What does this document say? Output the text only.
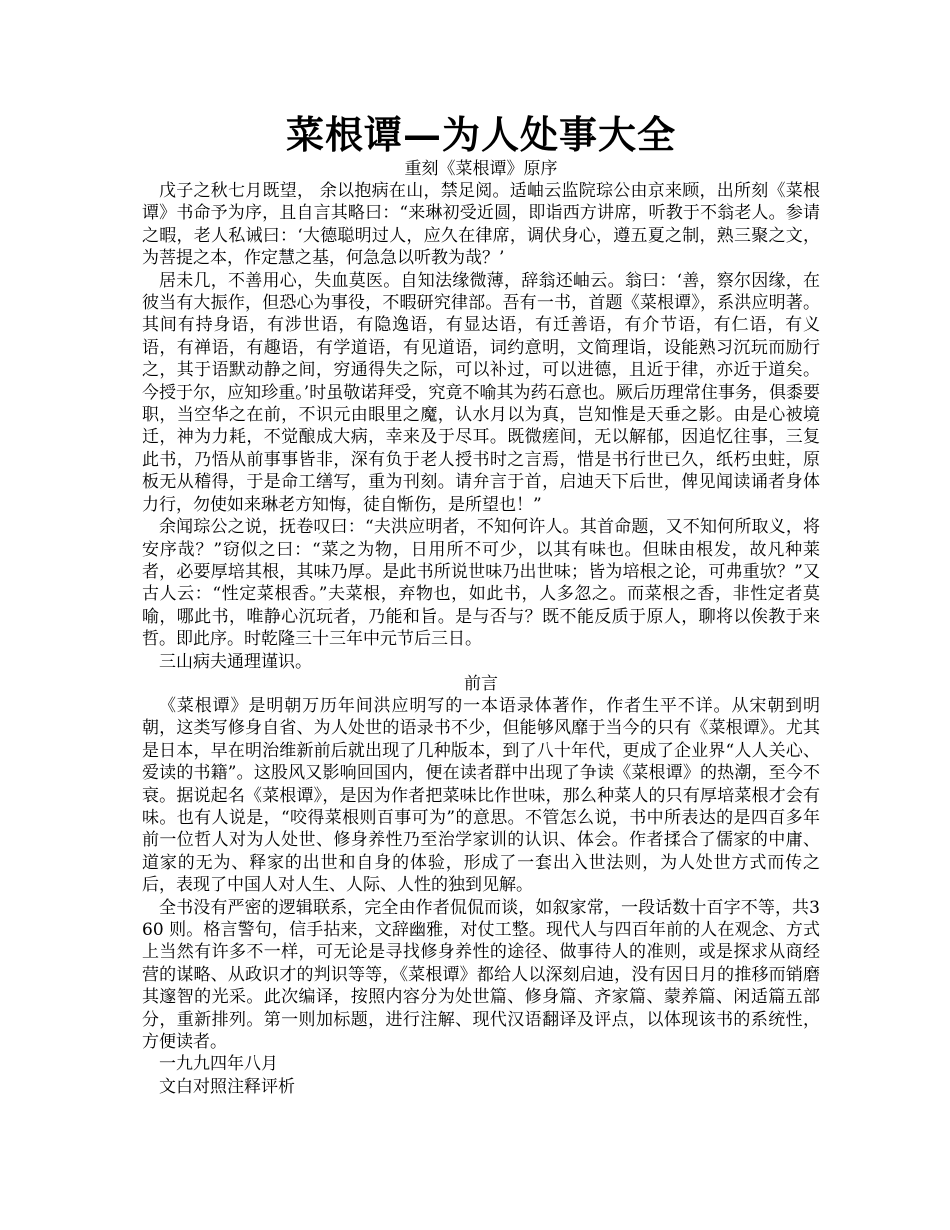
菜根谭—为人处事大全
重刻《菜根谭》原序

戊子之秋七月既望， 余以抱病在山，禁足阅。适岫云监院琮公由京来顾，出所刻《菜根谭》书命予为序，且自言其略曰：“来琳初受近圆，即诣西方讲席，听教于不翁老人。参请之暇，老人私诫曰：‘大德聪明过人，应久在律席，调伏身心，遵五夏之制，熟三聚之文，为菩提之本，作定慧之基，何急急以听教为哉？’

居未几，不善用心，失血莫医。自知法缘微薄，辞翁还岫云。翁曰：‘善，察尔因缘，在彼当有大振作，但恐心为事役，不暇研究律部。吾有一书，首题《菜根谭》，系洪应明著。其间有持身语，有涉世语，有隐逸语，有显达语，有迁善语，有介节语，有仁语，有义语，有禅语，有趣语，有学道语，有见道语，词约意明，文简理诣，设能熟习沉玩而励行之，其于语默动静之间，穷通得失之际，可以补过，可以进德，且近于律，亦近于道矣。今授于尔，应知珍重。’时虽敬诺拜受，究竟不喻其为药石意也。厥后历理常住事务，俱黍要职，当空华之在前，不识元由眼里之魔，认水月以为真，岂知惟是天垂之影。由是心被境迁，神为力耗，不觉酿成大病，幸来及于尽耳。既微瘥间，无以解郁，因追忆往事，三复此书，乃悟从前事事皆非，深有负于老人授书时之言焉，惜是书行世已久，纸朽虫蛀，原板无从稽得，于是命工缮写，重为刊刻。请弁言于首，启迪天下后世，俾见闻读诵者身体力行，勿使如来琳老方知悔，徒自惭伤，是所望也！”

余闻琮公之说，抚卷叹曰：“夫洪应明者，不知何许人。其首命题，又不知何所取义，将安序哉？”窃似之曰：“菜之为物，日用所不可少，以其有味也。但昧由根发，故凡种莱者，必要厚培其根，其味乃厚。是此书所说世味乃出世味；皆为培根之论，可弗重欤？”又古人云：“性定菜根香。”夫菜根，弃物也，如此书，人多忽之。而菜根之香，非性定者莫喻，哪此书，唯静心沉玩者，乃能和旨。是与否与？既不能反质于原人，聊将以俟教于来哲。即此序。时乾隆三十三年中元节后三日。

三山病夫通理谨识。

前言

《菜根谭》是明朝万历年间洪应明写的一本语录体著作，作者生平不详。从宋朝到明朝，这类写修身自省、为人处世的语录书不少，但能够风靡于当今的只有《菜根谭》。尤其是日本，早在明治维新前后就出现了几种版本，到了八十年代，更成了企业界“人人关心、爱读的书籍”。这股风又影响回国内，便在读者群中出现了争读《菜根谭》的热潮，至今不衰。据说起名《菜根谭》，是因为作者把菜味比作世味，那么种菜人的只有厚培菜根才会有味。也有人说是，“咬得菜根则百事可为”的意思。不管怎么说，书中所表达的是四百多年前一位哲人对为人处世、修身养性乃至治学家训的认识、体会。作者揉合了儒家的中庸、道家的无为、释家的出世和自身的体验，形成了一套出入世法则，为人处世方式而传之后，表现了中国人对人生、人际、人性的独到见解。

全书没有严密的逻辑联系，完全由作者侃侃而谈，如叙家常，一段话数十百字不等，共360 则。格言警句，信手拈来，文辞幽雅，对仗工整。现代人与四百年前的人在观念、方式上当然有许多不一样，可无论是寻找修身养性的途径、做事待人的准则，或是探求从商经营的谋略、从政识才的判识等等，《菜根谭》都给人以深刻启迪，没有因日月的推移而销磨其邃智的光采。此次编译，按照内容分为处世篇、修身篇、齐家篇、蒙养篇、闲适篇五部分，重新排列。第一则加标题，进行注解、现代汉语翻译及评点，以体现该书的系统性，方便读者。

一九九四年八月

文白对照注释评析
